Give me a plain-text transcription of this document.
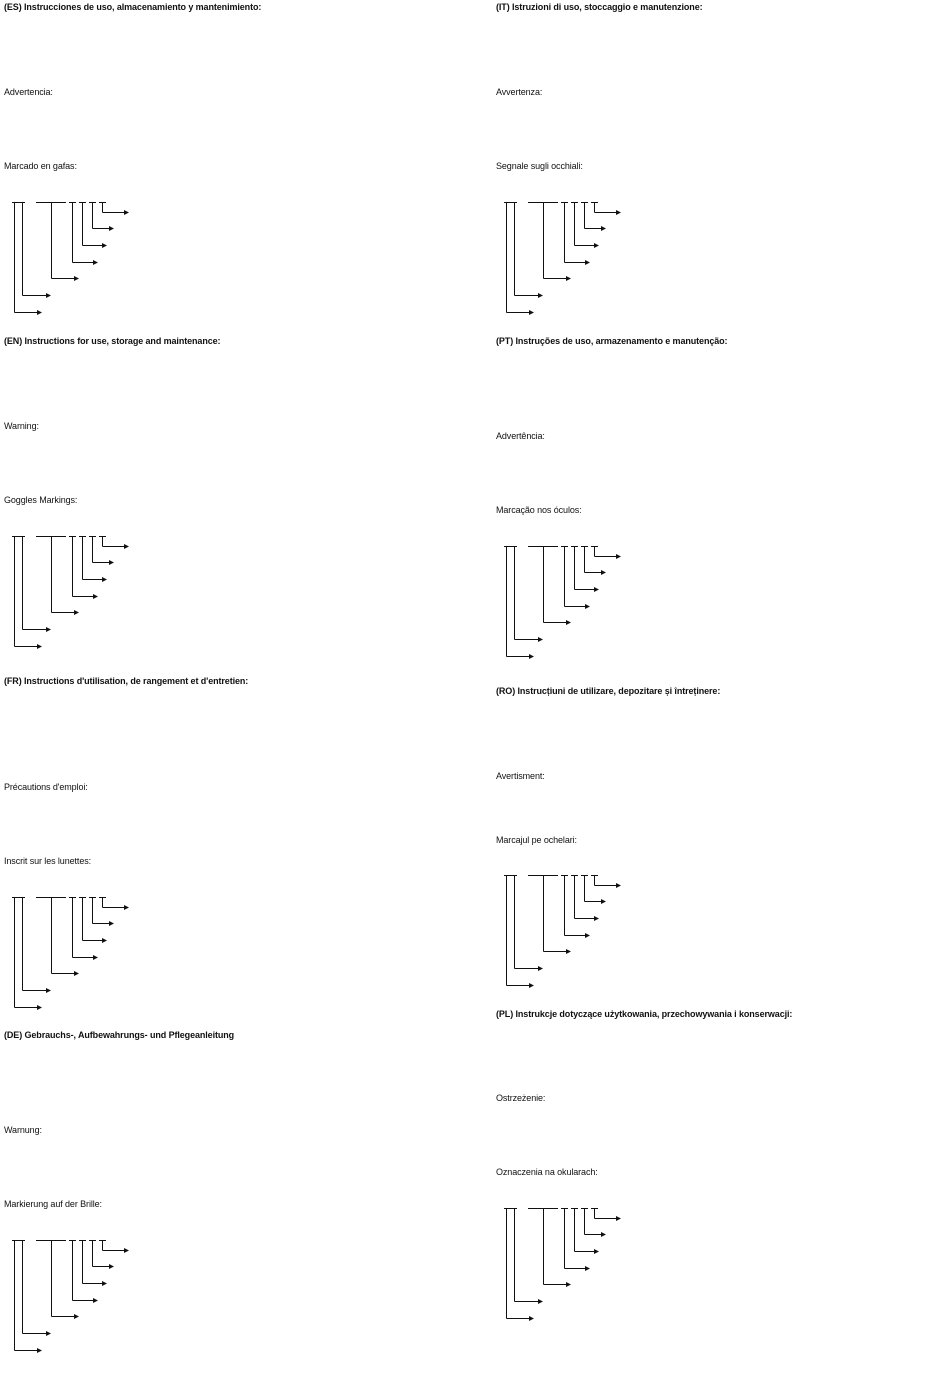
(ES) Instrucciones de uso, almacenamiento y mantenimiento:
Advertencia:
Marcado en gafas:
(EN) Instructions for use, storage and maintenance:
Warning:
Goggles Markings:
(FR) Instructions d'utilisation, de rangement et d'entretien:
Précautions d'emploi:
Inscrit sur les lunettes:
(DE) Gebrauchs-, Aufbewahrungs- und Pflegeanleitung
Warnung:
Markierung auf der Brille:
(IT) Istruzioni di uso, stoccaggio e manutenzione:
Avvertenza:
Segnale sugli occhiali:
(PT) Instruções de uso, armazenamento e manutenção:
Advertência:
Marcação nos óculos:
(RO) Instrucțiuni de utilizare, depozitare și întreținere:
Avertisment:
Marcajul pe ochelari:
(PL) Instrukcje dotyczące użytkowania, przechowywania i konserwacji:
Ostrzeżenie:
Oznaczenia na okularach:
